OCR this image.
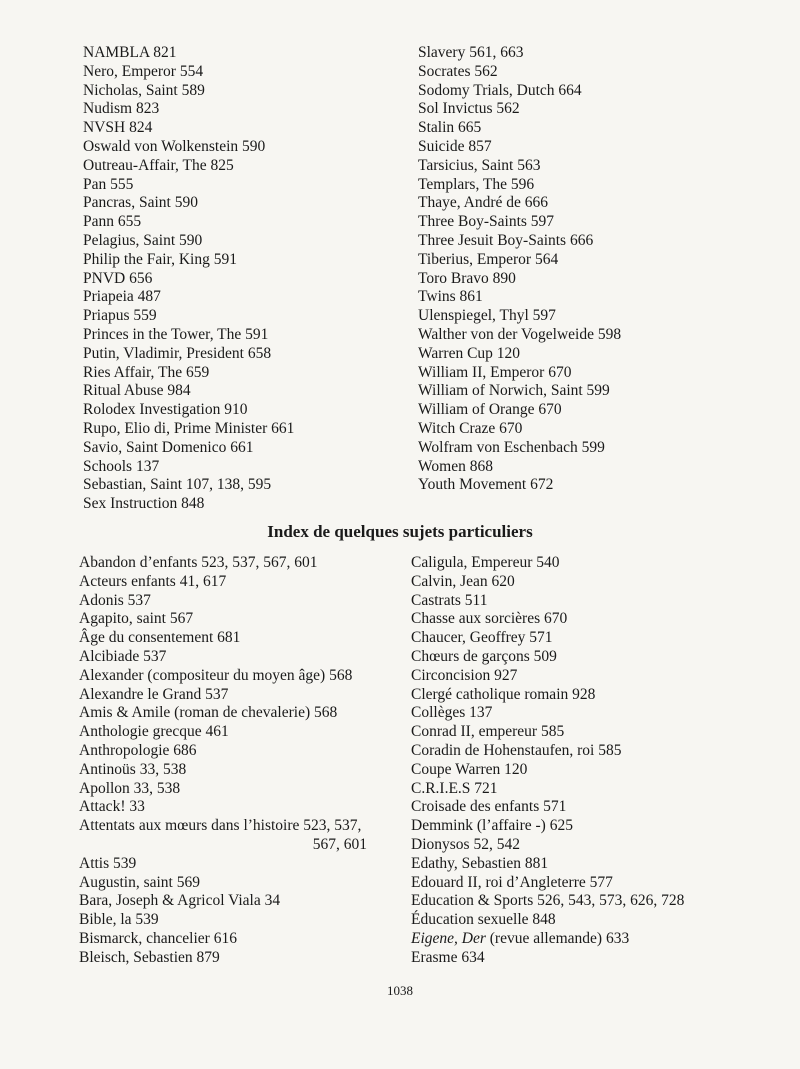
NAMBLA 821
Nero, Emperor 554
Nicholas, Saint 589
Nudism 823
NVSH 824
Oswald von Wolkenstein 590
Outreau-Affair, The 825
Pan 555
Pancras, Saint 590
Pann 655
Pelagius, Saint 590
Philip the Fair, King 591
PNVD 656
Priapeia 487
Priapus 559
Princes in the Tower, The 591
Putin, Vladimir, President 658
Ries Affair, The 659
Ritual Abuse 984
Rolodex Investigation 910
Rupo, Elio di, Prime Minister 661
Savio, Saint Domenico 661
Schools 137
Sebastian, Saint 107, 138, 595
Sex Instruction 848
Slavery 561, 663
Socrates 562
Sodomy Trials, Dutch 664
Sol Invictus 562
Stalin 665
Suicide 857
Tarsicius, Saint 563
Templars, The 596
Thaye, André de 666
Three Boy-Saints 597
Three Jesuit Boy-Saints 666
Tiberius, Emperor 564
Toro Bravo 890
Twins 861
Ulenspiegel, Thyl 597
Walther von der Vogelweide 598
Warren Cup 120
William II, Emperor 670
William of Norwich, Saint 599
William of Orange 670
Witch Craze 670
Wolfram von Eschenbach 599
Women 868
Youth Movement 672
Index de quelques sujets particuliers
Abandon d’enfants 523, 537, 567, 601
Acteurs enfants 41, 617
Adonis 537
Agapito, saint 567
Âge du consentement 681
Alcibiade 537
Alexander (compositeur du moyen âge) 568
Alexandre le Grand 537
Amis & Amile (roman de chevalerie) 568
Anthologie grecque 461
Anthropologie 686
Antinoüs 33, 538
Apollon 33, 538
Attack! 33
Attentats aux mœurs dans l’histoire 523, 537,
567, 601
Attis 539
Augustin, saint 569
Bara, Joseph & Agricol Viala 34
Bible, la 539
Bismarck, chancelier 616
Bleisch, Sebastien 879
Caligula, Empereur 540
Calvin, Jean 620
Castrats 511
Chasse aux sorcières 670
Chaucer, Geoffrey 571
Chœurs de garçons 509
Circoncision 927
Clergé catholique romain 928
Collèges 137
Conrad II, empereur 585
Coradin de Hohenstaufen, roi 585
Coupe Warren 120
C.R.I.E.S 721
Croisade des enfants 571
Demmink (l’affaire -) 625
Dionysos 52, 542
Edathy, Sebastien 881
Edouard II, roi d’Angleterre 577
Education & Sports 526, 543, 573, 626, 728
Éducation sexuelle 848
Eigene, Der (revue allemande) 633
Erasme 634
1038
